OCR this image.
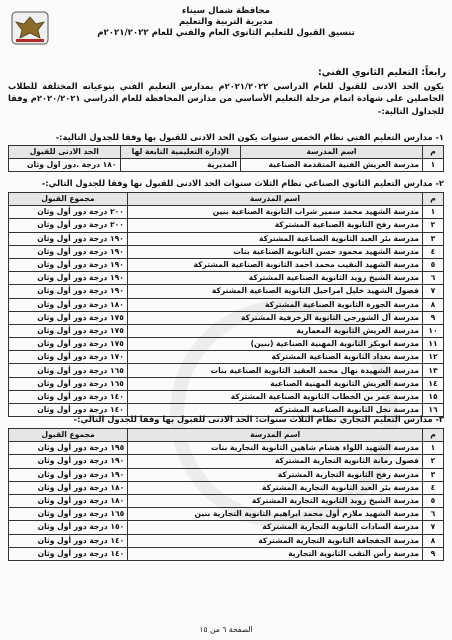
محافظة شمال سيناء
مديرية التربية والتعليم
تنسيق القبول للتعليم الثانوي العام والفني للعام ٢٠٢١/٢٠٢٢م
رابعاً: التعليم الثانوي الفني:
يكون الحد الادنى للقبول للعام الدراسي ٢٠٢١/٢٠٢٢م بمدارس التعليم الفني بنوعياته المختلفة للطلاب الحاصلين على شهادة اتمام مرحلة التعليم الأساسي من مدارس المحافظة للعام الدراسي ٢٠٢٠/٢٠٢١م وفقا للجداول التالية:-
١- مدارس التعليم الفني نظام الخمس سنوات يكون الحد الادنى للقبول بها وفقا للجدول التالية:-
م	اسم المدرسة	الإدارة التعليمية التابعة لها	الحد الادنى للقبول
١	مدرسة العريش الفنية المتقدمة الصناعية	المديرية	١٨٠ درجة .دور اول وثان
٢- مدارس التعليم الثانوي الصناعي نظام الثلاث سنوات الحد الادنى للقبول بها وفقا للجدول التالي:-
م	اسم المدرسة	مجموع القبول
١	مدرسة الشهيد محمد سمير شراب الثانوية الصناعية بنين	٢٠٠ درجة دور أول وثان
٢	مدرسة رفح الثانوية الصناعية المشتركة	٢٠٠ درجة دور أول وثان
٣	مدرسة بئر العبد الثانوية الصناعية المشتركة	١٩٠ درجة دور أول وثان
٤	مدرسة الشهيد محمود حسن الثانوية الصناعية بنات	١٩٠ درجة دور أول وثان
٥	مدرسة الشهيد النقيب محمد احمد الثانوية الصناعية المشتركة	١٩٠ درجة دور أول وثان
٦	مدرسة الشيخ زويد الثانوية الصناعية المشتركة	١٩٠ درجة دور أول وثان
٧	فصول الشهيد خليل امراحيل الثانوية الصناعية المشتركة	١٩٠ درجة دور أول وثان
٨	مدرسة الجورة الثانوية الصناعية المشتركة	١٨٠ درجة دور أول وثان
٩	مدرسة آل الشورجي الثانوية الزخرفية المشتركة	١٧٥ درجة دور أول وثان
١٠	مدرسة العريش الثانوية المعمارية	١٧٥ درجة دور أول وثان
١١	مدرسة ابوبكر الثانوية المهنية الصناعية (بنين)	١٧٥ درجة دور أول وثان
١٢	مدرسة بغداد الثانوية الصناعية المشتركة	١٧٠ درجة دور أول وثان
١٣	مدرسة الشهيدة نهال محمد العقيد الثانوية الصناعية بنات	١٦٥ درجة دور أول وثان
١٤	مدرسة العريش الثانوية المهنية الصناعية	١٦٥ درجة دور أول وثان
١٥	مدرسة عمر بن الخطاب الثانوية الصناعية المشتركة	١٤٠ درجة دور أول وثان
١٦	مدرسة نخل الثانوية الصناعية المشتركة	١٤٠ درجة دور أول وثان
٣- مدارس التعليم التجاري نظام الثلاث سنوات: الحد الادنى للقبول بها وفقا للجدول التالي:-
م	اسم المدرسة	مجموع القبول
١	مدرسة الشهيد اللواء هشام شاهين الثانوية التجارية بنات	١٩٥ درجة دور أول وثان
٢	فصول رمانة الثانوية التجارية المشتركة	١٩٠ درجة دور أول وثان
٣	مدرسة رفح الثانوية التجارية المشتركة	١٩٠ درجة دور أول وثان
٤	مدرسة بئر العبد الثانوية التجارية المشتركة	١٨٠ درجة دور أول وثان
٥	مدرسة الشيخ زويد الثانوية التجارية المشتركة	١٨٠ درجة دور أول وثان
٦	مدرسة الشهيد ملازم أول محمد ابراهيم الثانوية التجارية بنين	١٦٥ درجة دور أول وثان
٧	مدرسة السادات الثانوية التجارية المشتركة	١٥٠ درجة دور أول وثان
٨	مدرسة الجفجافة الثانوية التجارية المشتركة	١٤٠ درجة دور أول وثان
٩	مدرسة رأس النقب الثانوية التجارية	١٤٠ درجة دور أول وثان
الصفحة ٦ من ١٥
